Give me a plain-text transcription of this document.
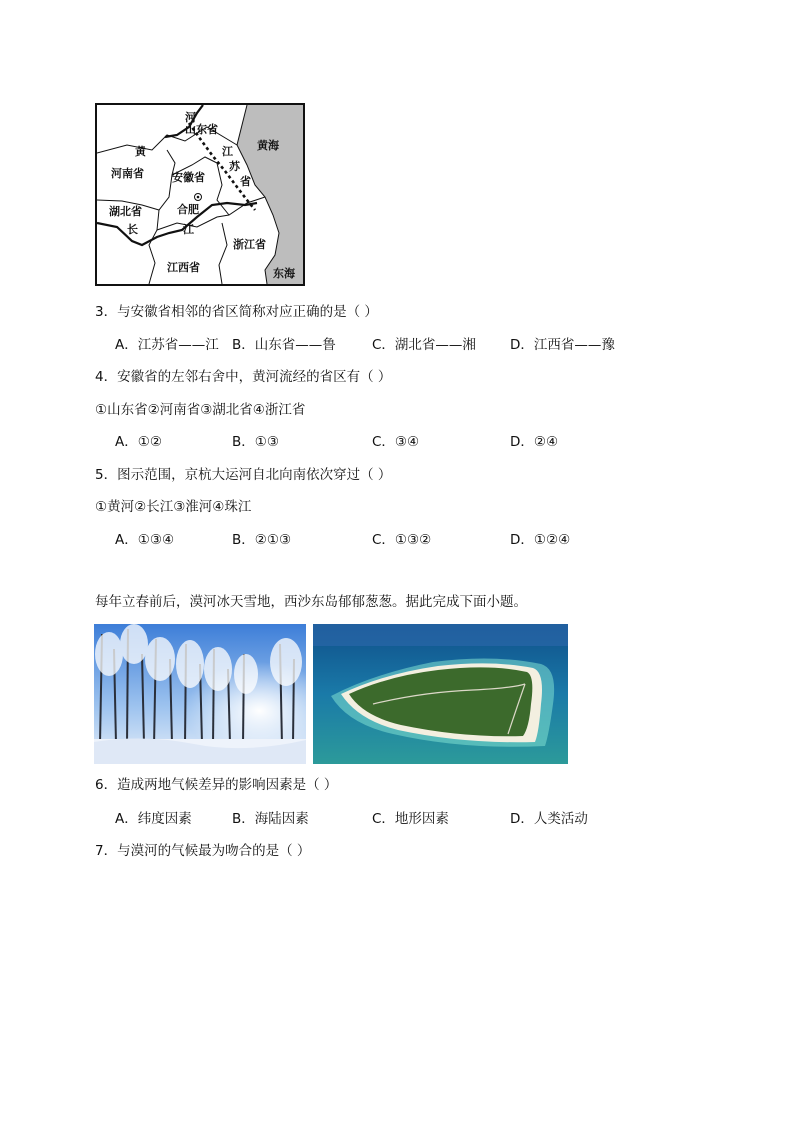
河
山东省
黄海
黄	江
苏
省
河南省	安徽省
合肥
湖北省
浙江省
长	江
江西省	东海
3．与安徽省相邻的省区简称对应正确的是（ ）
A．江苏省——江 B．山东省——鲁	C．湖北省——湘	D．江西省——豫
4．安徽省的左邻右舍中，黄河流经的省区有（ ）
①山东省②河南省③湖北省④浙江省
A．①②	B．①③	C．③④	D．②④
5．图示范围，京杭大运河自北向南依次穿过（ ）
①黄河②长江③淮河④珠江
A．①③④	B．②①③	C．①③②	D．①②④
每年立春前后，漠河冰天雪地，西沙东岛郁郁葱葱。据此完成下面小题。
6．造成两地气候差异的影响因素是（ ）
A．纬度因素	B．海陆因素	C．地形因素	D．人类活动
7．与漠河的气候最为吻合的是（ ）
